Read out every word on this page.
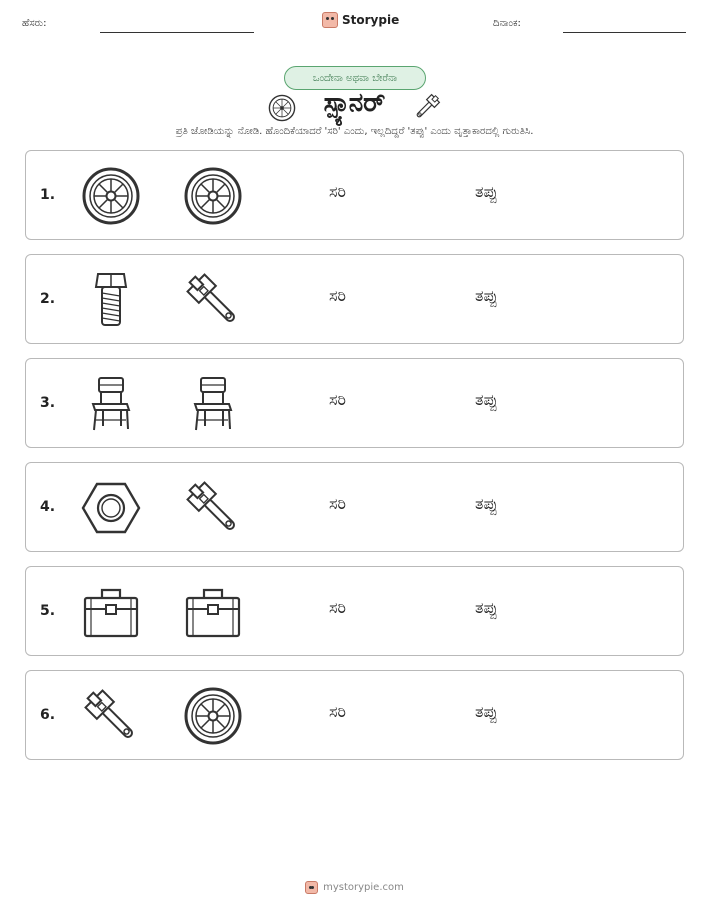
ಹೆಸರು:	Storypie	ದಿನಾಂಕ:
ಒಂದೇನಾ ಅಥವಾ ಬೇರೆನಾ
ಸ್ಪ್ಯಾನರ್
ಪ್ರತಿ ಜೋಡಿಯನ್ನು ನೋಡಿ. ಹೊಂದಿಕೆಯಾದರೆ 'ಸರಿ' ಎಂದು, ಇಲ್ಲದಿದ್ದರೆ 'ತಪ್ಪು' ಎಂದು ವೃತ್ತಾಕಾರದಲ್ಲಿ ಗುರುತಿಸಿ.
1.	ಸರಿ	ತಪ್ಪು
2.	ಸರಿ	ತಪ್ಪು
3.	ಸರಿ	ತಪ್ಪು
4.	ಸರಿ	ತಪ್ಪು
5.	ಸರಿ	ತಪ್ಪು
6.	ಸರಿ	ತಪ್ಪು
mystorypie.com
